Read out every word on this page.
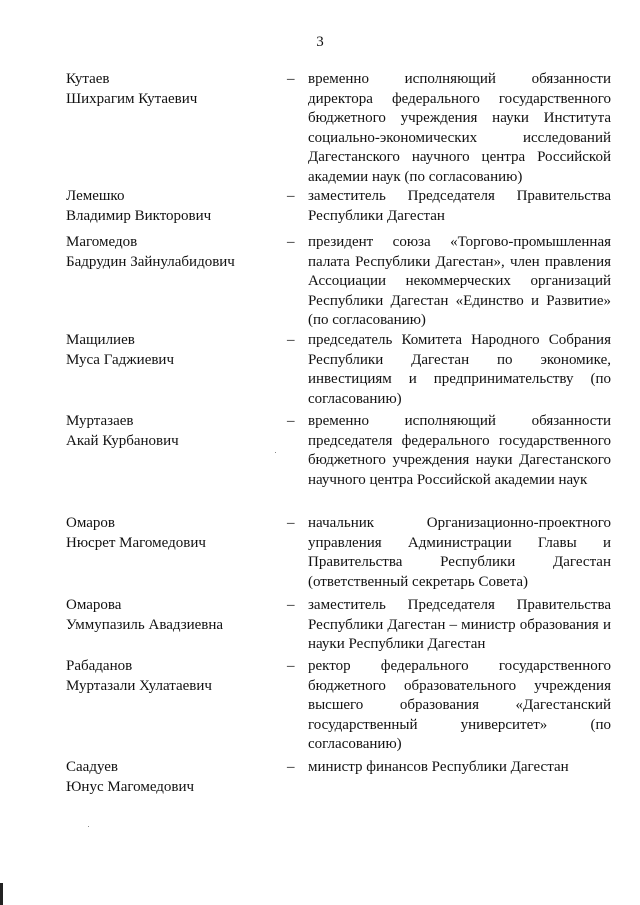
3
Кутаев
Шихрагим Кутаевич
– временно исполняющий обязанности директора федерального государственного бюджетного учреждения науки Института социально-экономических исследований Дагестанского научного центра Российской академии наук (по согласованию)
Лемешко
Владимир Викторович
– заместитель Председателя Правительства Республики Дагестан
Магомедов
Бадрудин Зайнулабидович
– президент союза «Торгово-промышленная палата Республики Дагестан», член правления Ассоциации некоммерческих организаций Республики Дагестан «Единство и Развитие» (по согласованию)
Мащилиев
Муса Гаджиевич
– председатель Комитета Народного Собрания Республики Дагестан по экономике, инвестициям и предпринимательству (по согласованию)
Муртазаев
Акай Курбанович
– временно исполняющий обязанности председателя федерального государственного бюджетного учреждения науки Дагестанского научного центра Российской академии наук
Омаров
Нюсрет Магомедович
– начальник Организационно-проектного управления Администрации Главы и Правительства Республики Дагестан (ответственный секретарь Совета)
Омарова
Уммупазиль Авадзиевна
– заместитель Председателя Правительства Республики Дагестан – министр образования и науки Республики Дагестан
Рабаданов
Муртазали Хулатаевич
– ректор федерального государственного бюджетного образовательного учреждения высшего образования «Дагестанский государственный университет» (по согласованию)
Саадуев
Юнус Магомедович
– министр финансов Республики Дагестан
